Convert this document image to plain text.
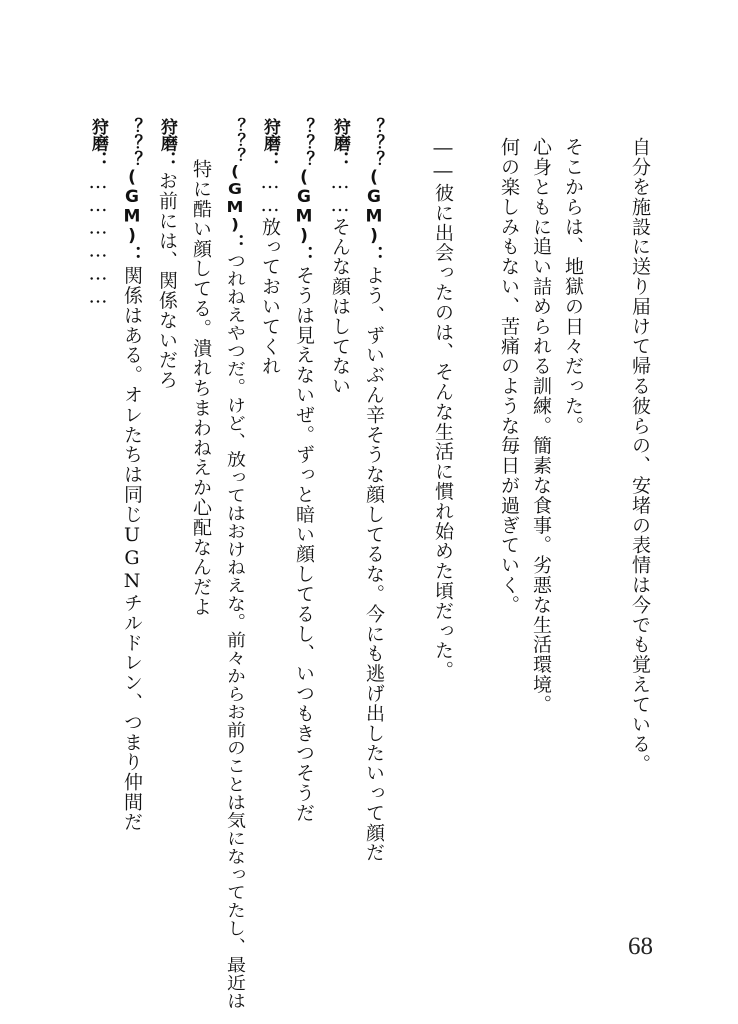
自分を施設に送り届けて帰る彼らの、安堵の表情は今でも覚えている。
そこからは、地獄の日々だった。
心身ともに追い詰められる訓練。簡素な食事。劣悪な生活環境。
何の楽しみもない、苦痛のような毎日が過ぎていく。
――彼に出会ったのは、そんな生活に慣れ始めた頃だった。
？？？(GM)：よう、ずいぶん辛そうな顔してるな。今にも逃げ出したいって顔だ
狩磨：……そんな顔はしてない
？？？(GM)：そうは見えないぜ。ずっと暗い顔してるし、いつもきつそうだ
狩磨：……放っておいてくれ
？？？(GM)：つれねえやつだ。けど、放ってはおけねえな。前々からお前のことは気になってたし、最近は
特に酷い顔してる。潰れちまわねえか心配なんだよ
狩磨：お前には、関係ないだろ
？？？(GM)：関係はある。オレたちは同じUGNチルドレン、つまり仲間だ
狩磨：………………
68
